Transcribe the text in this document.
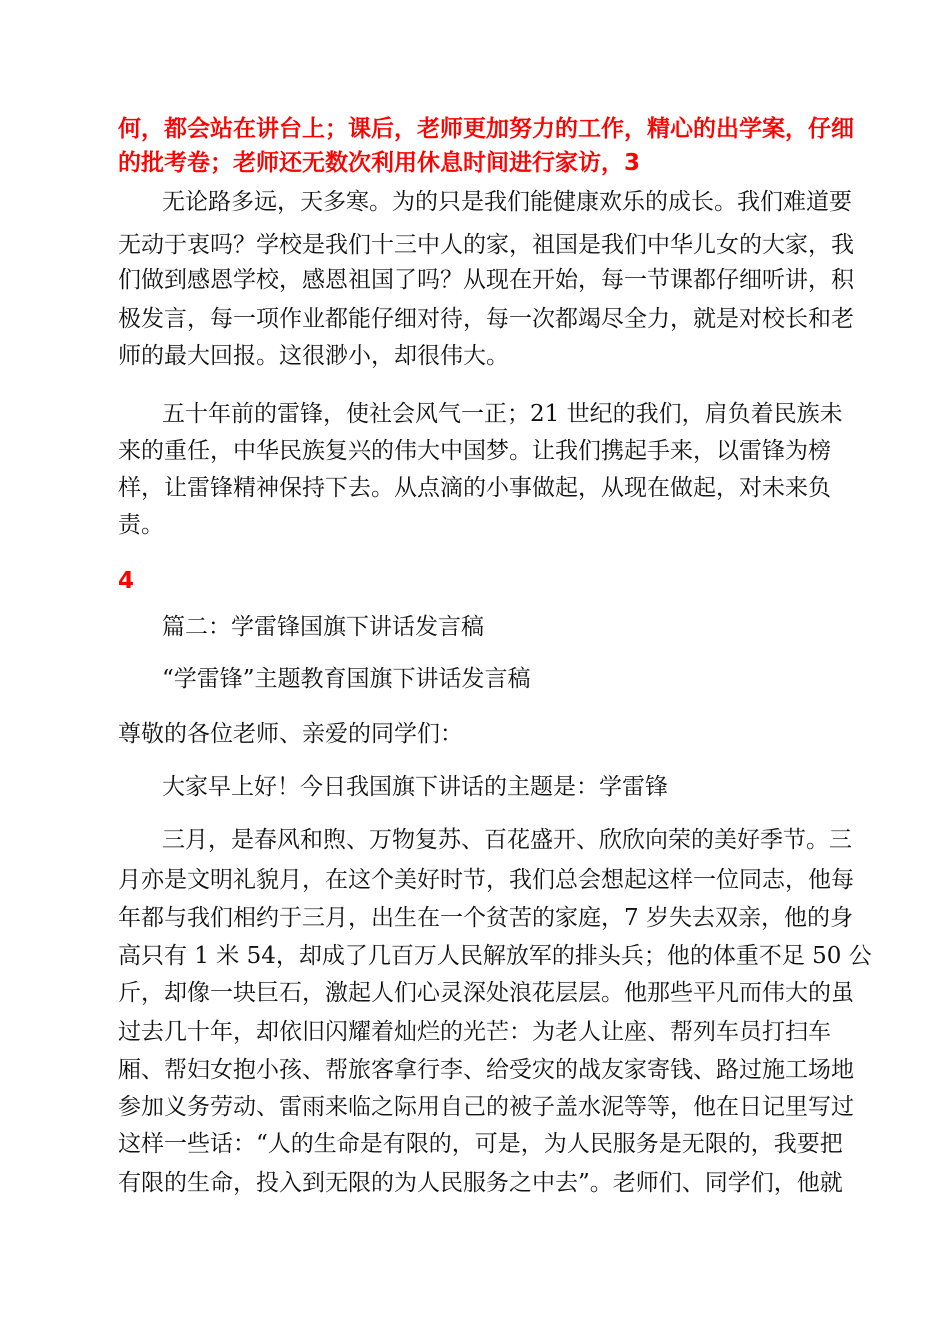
何，都会站在讲台上；课后，老师更加努力的工作，精心的出学案，仔细
的批考卷；老师还无数次利用休息时间进行家访，3
无论路多远，天多寒。为的只是我们能健康欢乐的成长。我们难道要
无动于衷吗？学校是我们十三中人的家，祖国是我们中华儿女的大家，我
们做到感恩学校，感恩祖国了吗？从现在开始，每一节课都仔细听讲，积
极发言，每一项作业都能仔细对待，每一次都竭尽全力，就是对校长和老
师的最大回报。这很渺小，却很伟大。
五十年前的雷锋，使社会风气一正；21 世纪的我们，肩负着民族未
来的重任，中华民族复兴的伟大中国梦。让我们携起手来，以雷锋为榜
样，让雷锋精神保持下去。从点滴的小事做起，从现在做起，对未来负
责。
4
篇二：学雷锋国旗下讲话发言稿
“学雷锋”主题教育国旗下讲话发言稿
尊敬的各位老师、亲爱的同学们：
大家早上好！今日我国旗下讲话的主题是：学雷锋
三月，是春风和煦、万物复苏、百花盛开、欣欣向荣的美好季节。三
月亦是文明礼貌月，在这个美好时节，我们总会想起这样一位同志，他每
年都与我们相约于三月，出生在一个贫苦的家庭，7 岁失去双亲，他的身
高只有 1 米 54，却成了几百万人民解放军的排头兵；他的体重不足 50 公
斤，却像一块巨石，激起人们心灵深处浪花层层。他那些平凡而伟大的虽
过去几十年，却依旧闪耀着灿烂的光芒：为老人让座、帮列车员打扫车
厢、帮妇女抱小孩、帮旅客拿行李、给受灾的战友家寄钱、路过施工场地
参加义务劳动、雷雨来临之际用自己的被子盖水泥等等，他在日记里写过
这样一些话：“人的生命是有限的，可是，为人民服务是无限的，我要把
有限的生命，投入到无限的为人民服务之中去”。老师们、同学们，他就
